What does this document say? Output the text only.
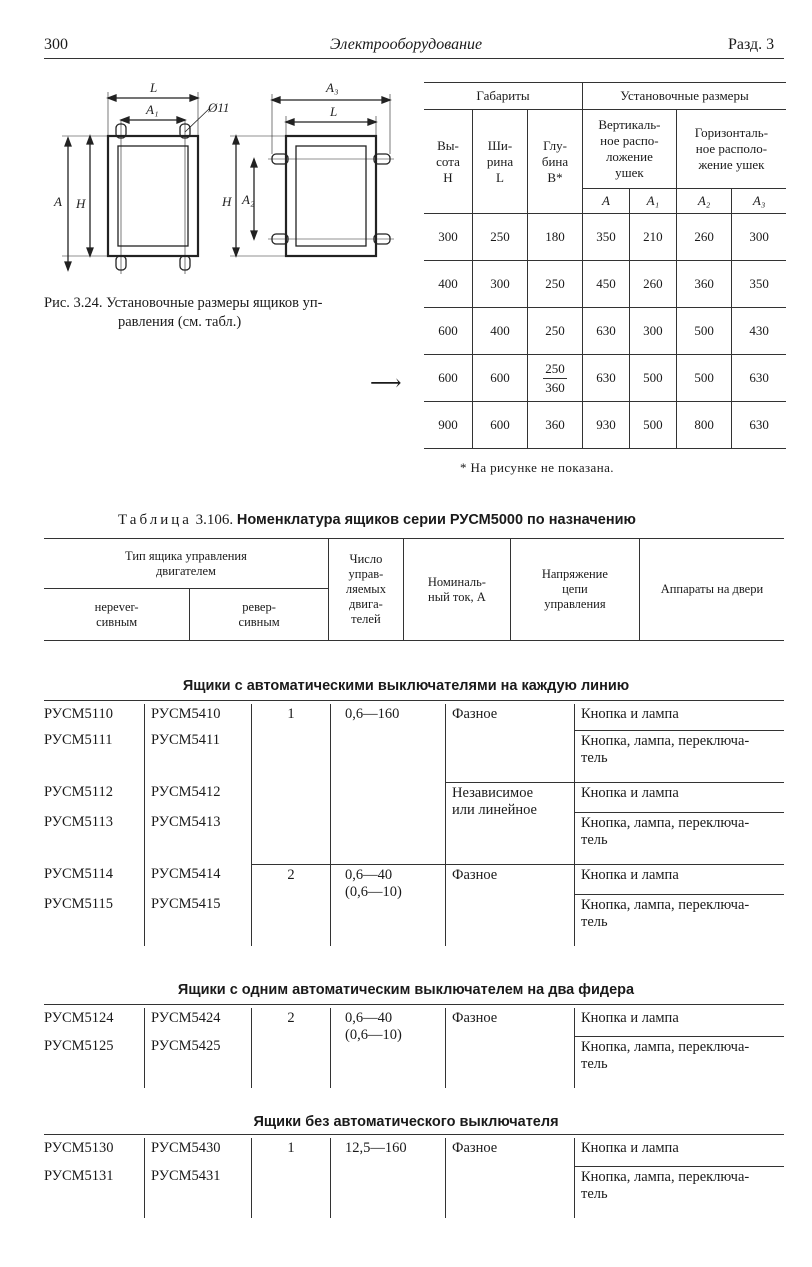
300	Электрооборудование	Разд. 3
L
A₁	Ø11
A H
A₃
L
H A₂
Рис. 3.24. Установочные размеры ящиков уп-
равления (см. табл.)
Габариты			Установочные размеры			
Вы-
сота
H	Ши-
рина
L	Глу-
бина
B*	Вертикаль-
ное распо-
ложение
ушек		Горизонталь-
ное располо-
жение ушек	
			A	A₁	A₂	A₃
300	250	180	350	210	260	300
400	300	250	450	260	360	350
600	400	250	630	300	500	430
600	600	$\frac{250}{360}$	630	500	500	630
900	600	360	930	500	800	630
⟶
* На рисунке не показана.
Таблица 3.106. Номенклатура ящиков серии РУСМ5000 по назначению
Тип ящика управления
двигателем		Число
управ-
ляемых
двига-
телей	Номиналь-
ный ток, А	Напряжение
цепи
управления	Аппараты на двери
нерever-
сивным	ревер-
сивным				
Ящики с автоматическими выключателями на каждую линию
РУСМ5110	РУСМ5410	1	0,6—160	Фазное	Кнопка и лампа
РУСМ5111	РУСМ5411				Кнопка, лампа, переключа-
тель
РУСМ5112	РУСМ5412			Независимое
или линейное	Кнопка и лампа
РУСМ5113	РУСМ5413				Кнопка, лампа, переключа-
тель
РУСМ5114	РУСМ5414	2	0,6—40
(0,6—10)	Фазное	Кнопка и лампа
РУСМ5115	РУСМ5415				Кнопка, лампа, переключа-
тель
Ящики с одним автоматическим выключателем на два фидера
РУСМ5124	РУСМ5424	2	0,6—40
(0,6—10)	Фазное	Кнопка и лампа
РУСМ5125	РУСМ5425				Кнопка, лампа, переключа-
тель
Ящики без автоматического выключателя
РУСМ5130	РУСМ5430	1	12,5—160	Фазное	Кнопка и лампа
РУСМ5131	РУСМ5431				Кнопка, лампа, переключа-
тель
